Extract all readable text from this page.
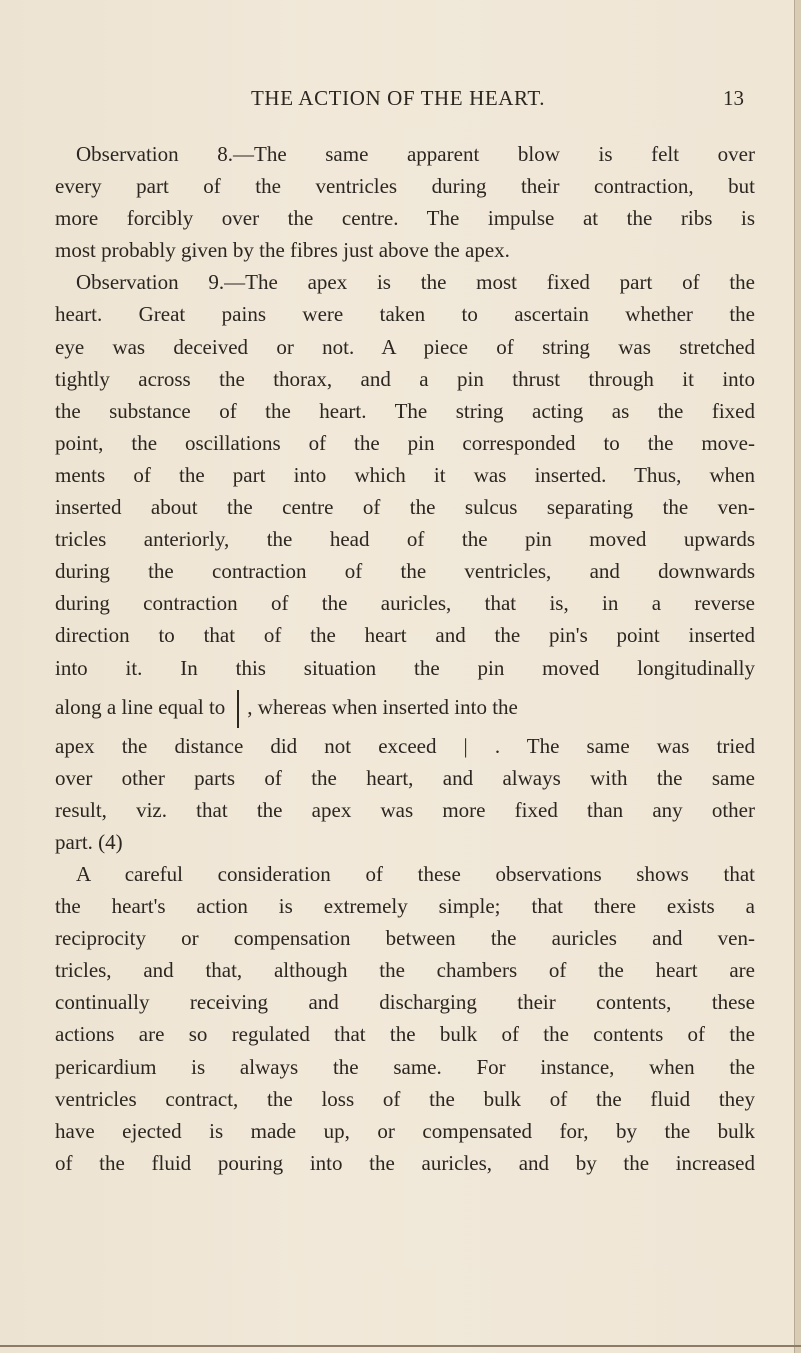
THE ACTION OF THE HEART.	13
Observation 8.—The same apparent blow is felt over
every part of the ventricles during their contraction, but
more forcibly over the centre. The impulse at the ribs is
most probably given by the fibres just above the apex.
Observation 9.—The apex is the most fixed part of the
heart. Great pains were taken to ascertain whether the
eye was deceived or not. A piece of string was stretched
tightly across the thorax, and a pin thrust through it into
the substance of the heart. The string acting as the fixed
point, the oscillations of the pin corresponded to the move-
ments of the part into which it was inserted. Thus, when
inserted about the centre of the sulcus separating the ven-
tricles anteriorly, the head of the pin moved upwards
during the contraction of the ventricles, and downwards
during contraction of the auricles, that is, in a reverse
direction to that of the heart and the pin's point inserted
into it. In this situation the pin moved longitudinally
along a line equal to , whereas when inserted into the
apex the distance did not exceed | . The same was tried
over other parts of the heart, and always with the same
result, viz. that the apex was more fixed than any other
part. (4)
A careful consideration of these observations shows that
the heart's action is extremely simple; that there exists a
reciprocity or compensation between the auricles and ven-
tricles, and that, although the chambers of the heart are
continually receiving and discharging their contents, these
actions are so regulated that the bulk of the contents of the
pericardium is always the same. For instance, when the
ventricles contract, the loss of the bulk of the fluid they
have ejected is made up, or compensated for, by the bulk
of the fluid pouring into the auricles, and by the increased
